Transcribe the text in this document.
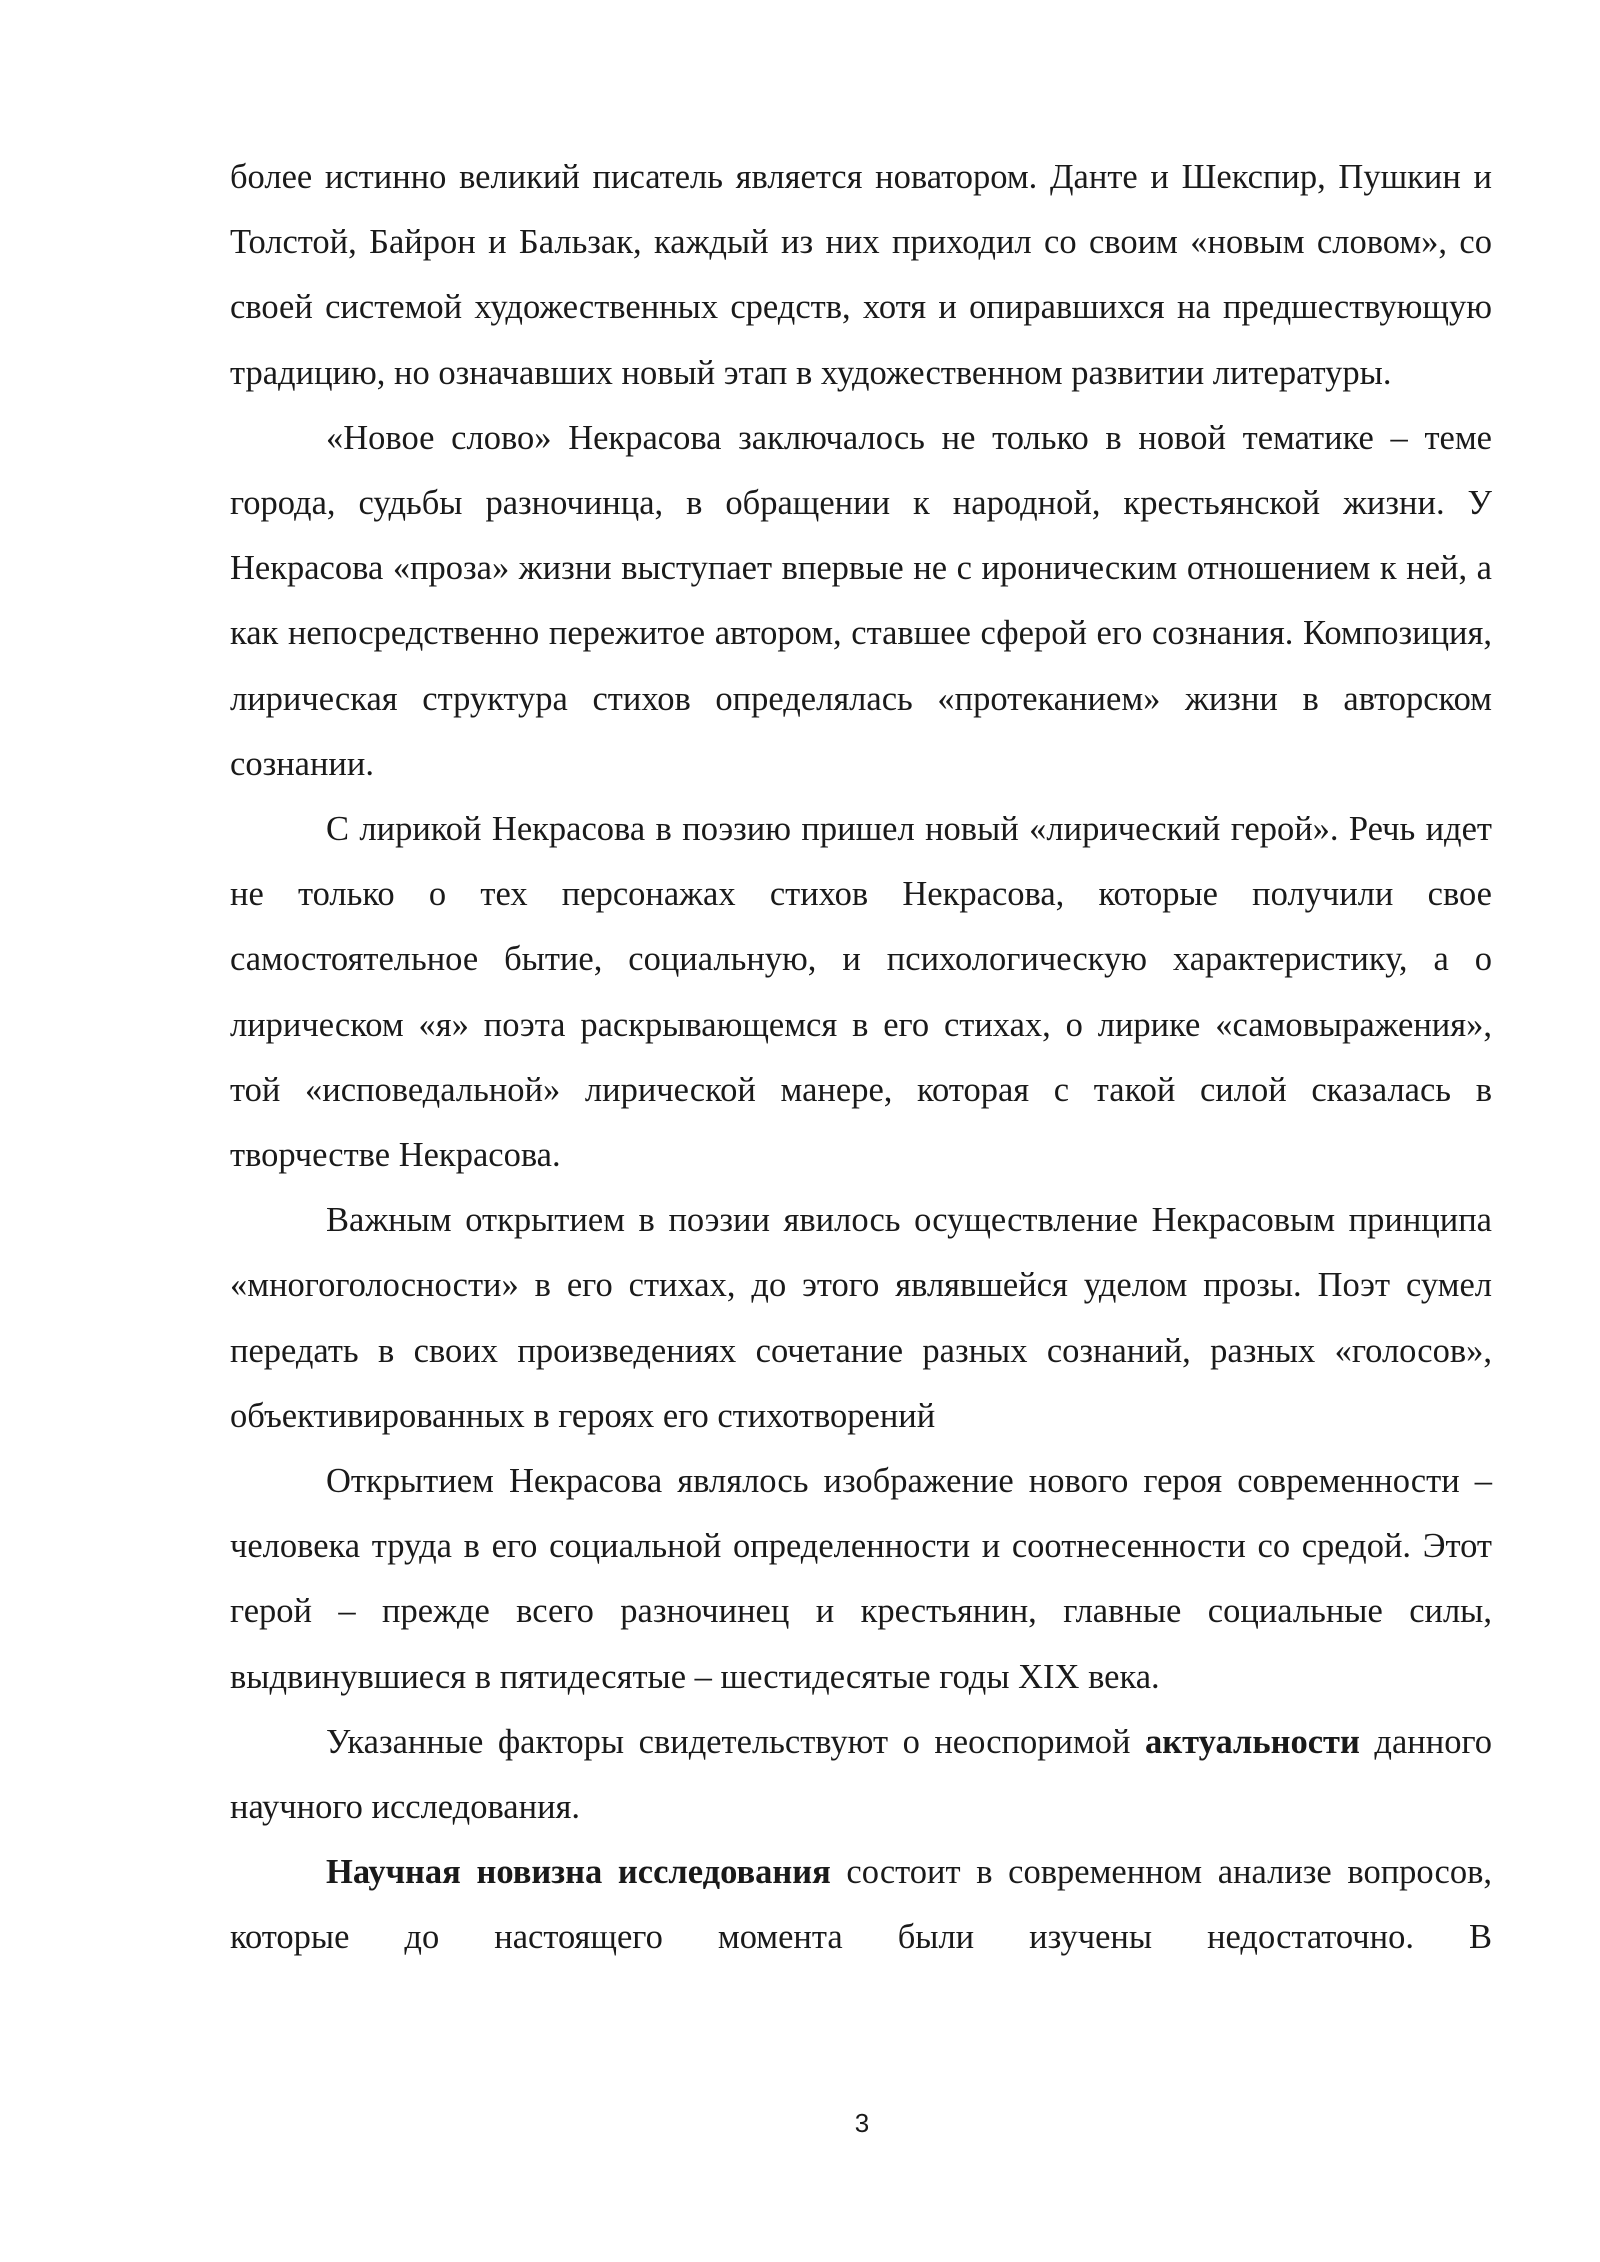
более истинно великий писатель является новатором. Данте и Шекспир, Пушкин и Толстой, Байрон и Бальзак, каждый из них приходил со своим «новым словом», со своей системой художественных средств, хотя и опиравшихся на предшествующую традицию, но означавших новый этап в художественном развитии литературы.

«Новое слово» Некрасова заключалось не только в новой тематике – теме города, судьбы разночинца, в обращении к народной, крестьянской жизни. У Некрасова «проза» жизни выступает впервые не с ироническим отношением к ней, а как непосредственно пережитое автором, ставшее сферой его сознания. Композиция, лирическая структура стихов определялась «протеканием» жизни в авторском сознании.

С лирикой Некрасова в поэзию пришел новый «лирический герой». Речь идет не только о тех персонажах стихов Некрасова, которые получили свое самостоятельное бытие, социальную, и психологическую характеристику, а о лирическом «я» поэта раскрывающемся в его стихах, о лирике «самовыражения», той «исповедальной» лирической манере, которая с такой силой сказалась в творчестве Некрасова.

Важным открытием в поэзии явилось осуществление Некрасовым принципа «многоголосности» в его стихах, до этого являвшейся уделом прозы. Поэт сумел передать в своих произведениях сочетание разных сознаний, разных «голосов», объективированных в героях его стихотворений

Открытием Некрасова являлось изображение нового героя современности – человека труда в его социальной определенности и соотнесенности со средой. Этот герой – прежде всего разночинец и крестьянин, главные социальные силы, выдвинувшиеся в пятидесятые – шестидесятые годы XIX века.

Указанные факторы свидетельствуют о неоспоримой актуальности данного научного исследования.

Научная новизна исследования состоит в современном анализе вопросов, которые до настоящего момента были изучены недостаточно. В

3
